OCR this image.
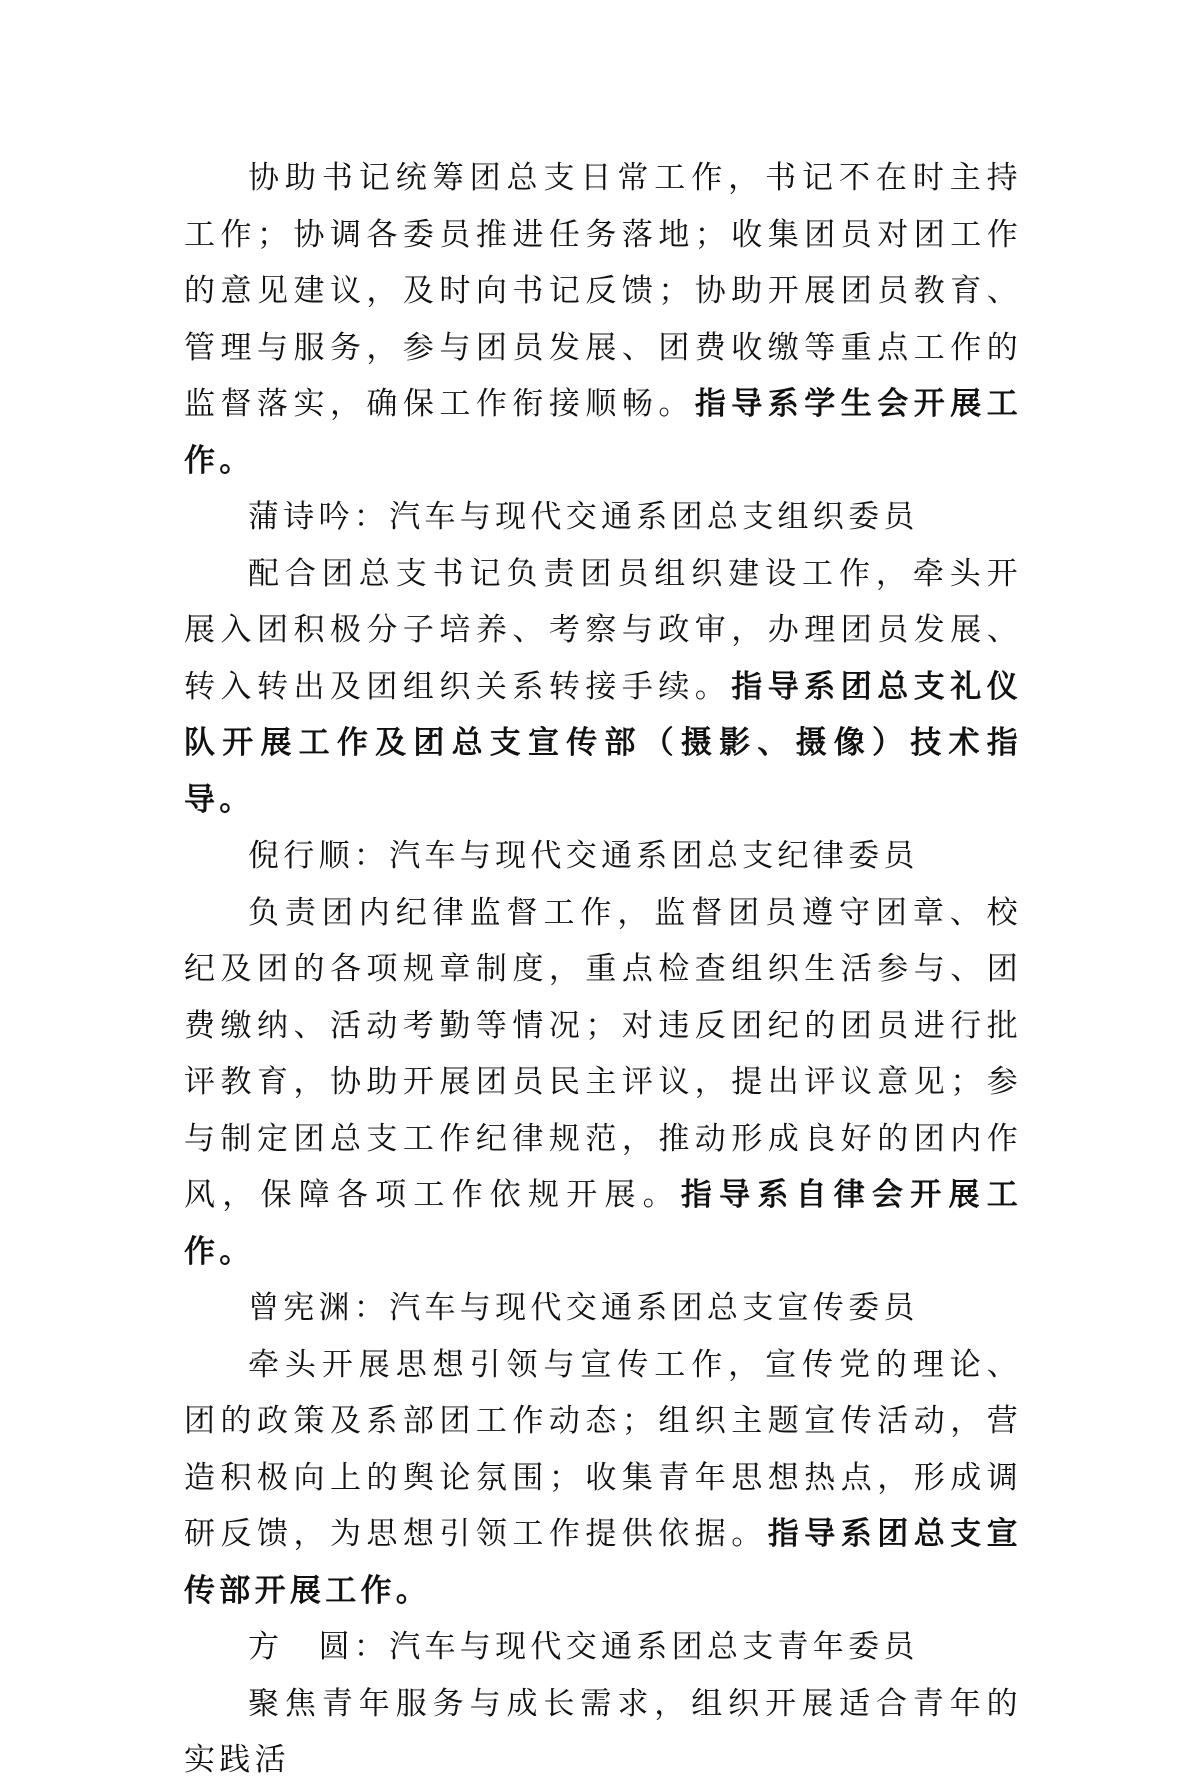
协助书记统筹团总支日常工作，书记不在时主持工作；协调各委员推进任务落地；收集团员对团工作的意见建议，及时向书记反馈；协助开展团员教育、管理与服务，参与团员发展、团费收缴等重点工作的监督落实，确保工作衔接顺畅。指导系学生会开展工作。

蒲诗吟：汽车与现代交通系团总支组织委员

配合团总支书记负责团员组织建设工作，牵头开展入团积极分子培养、考察与政审，办理团员发展、转入转出及团组织关系转接手续。指导系团总支礼仪队开展工作及团总支宣传部（摄影、摄像）技术指导。

倪行顺：汽车与现代交通系团总支纪律委员

负责团内纪律监督工作，监督团员遵守团章、校纪及团的各项规章制度，重点检查组织生活参与、团费缴纳、活动考勤等情况；对违反团纪的团员进行批评教育，协助开展团员民主评议，提出评议意见；参与制定团总支工作纪律规范，推动形成良好的团内作风，保障各项工作依规开展。指导系自律会开展工作。

曾宪渊：汽车与现代交通系团总支宣传委员

牵头开展思想引领与宣传工作，宣传党的理论、团的政策及系部团工作动态；组织主题宣传活动，营造积极向上的舆论氛围；收集青年思想热点，形成调研反馈，为思想引领工作提供依据。指导系团总支宣传部开展工作。

方　圆：汽车与现代交通系团总支青年委员

聚焦青年服务与成长需求，组织开展适合青年的实践活
